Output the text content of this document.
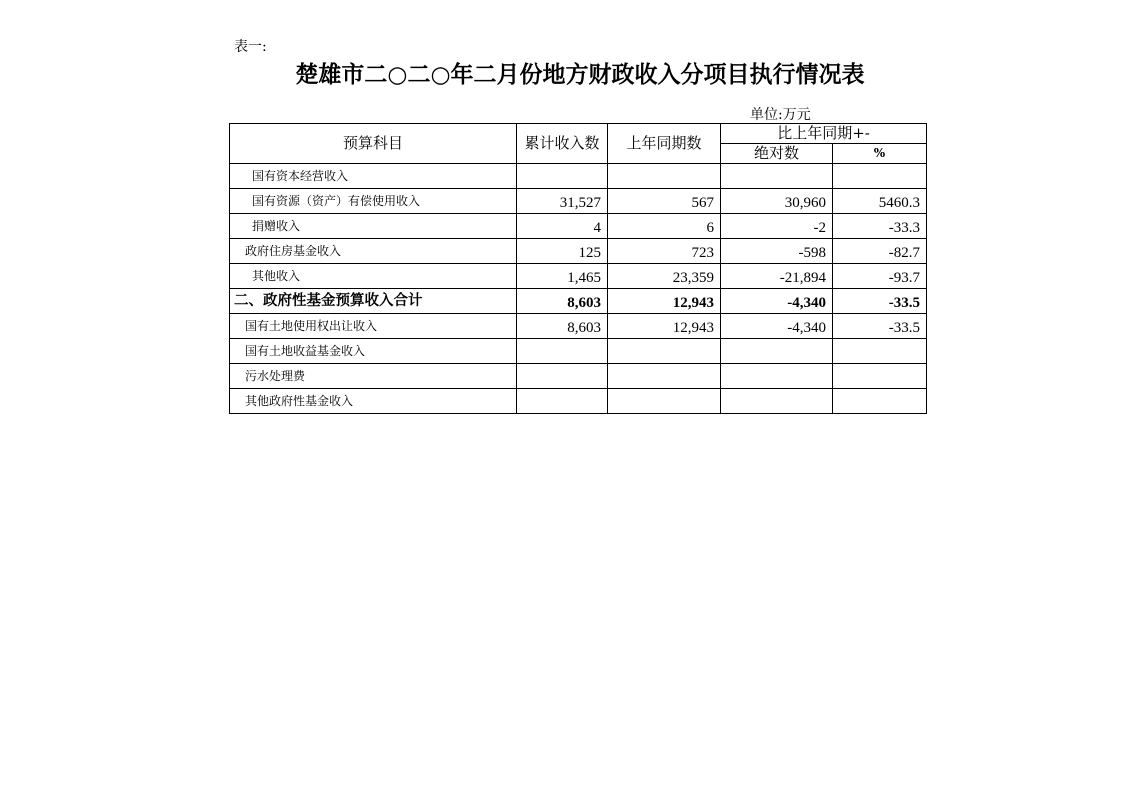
表一:
楚雄市二○二○年二月份地方财政收入分项目执行情况表
单位:万元
预算科目	累计收入数	上年同期数	比上年同期+-	
			绝对数	%
国有资本经营收入				
国有资源（资产）有偿使用收入	31,527	567	30,960	5460.3
捐赠收入	4	6	-2	-33.3
政府住房基金收入	125	723	-598	-82.7
其他收入	1,465	23,359	-21,894	-93.7
二、政府性基金预算收入合计	8,603	12,943	-4,340	-33.5
国有土地使用权出让收入	8,603	12,943	-4,340	-33.5
国有土地收益基金收入				
污水处理费				
其他政府性基金收入				
